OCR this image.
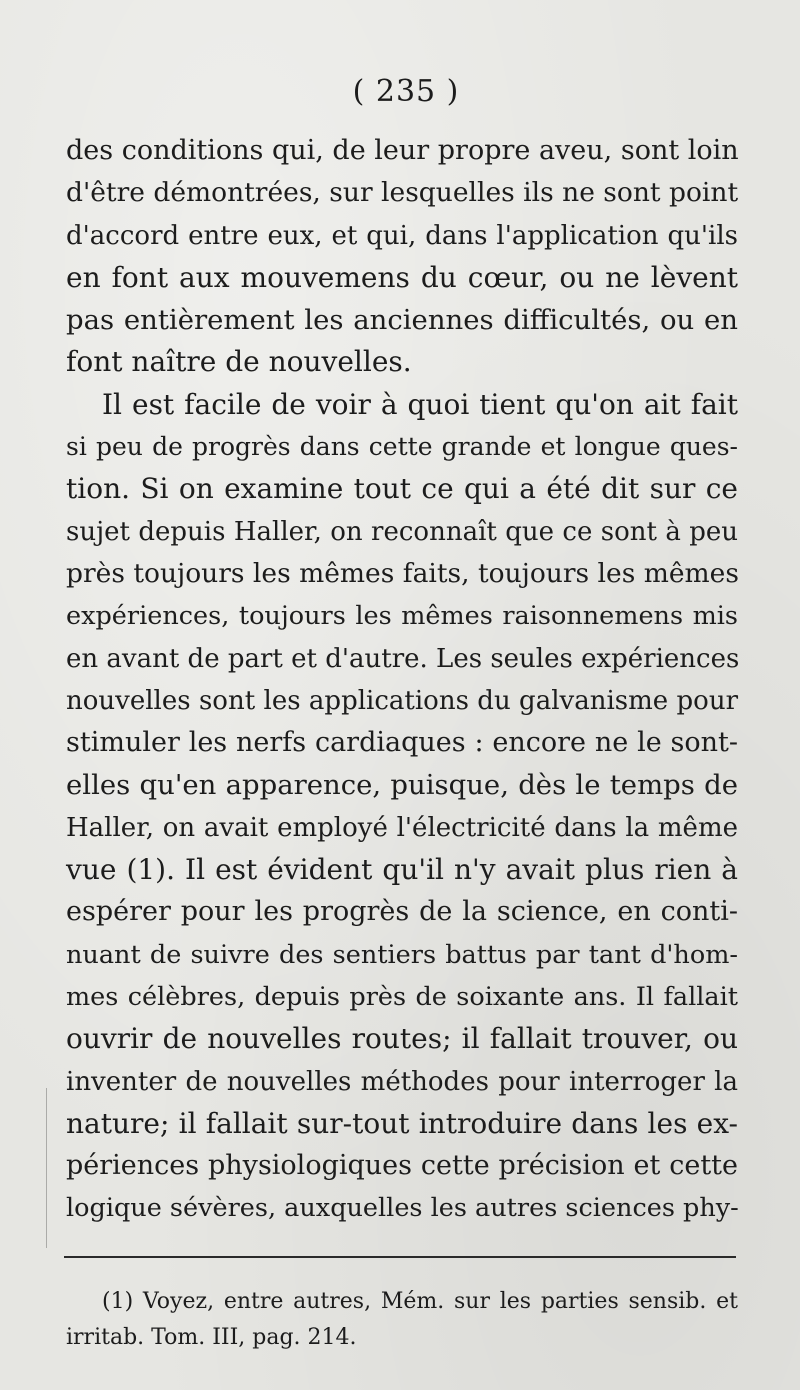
( 235 )
des conditions qui, de leur propre aveu, sont loin
d'être démontrées, sur lesquelles ils ne sont point
d'accord entre eux, et qui, dans l'application qu'ils
en font aux mouvemens du cœur, ou ne lèvent
pas entièrement les anciennes difficultés, ou en
font naître de nouvelles.
Il est facile de voir à quoi tient qu'on ait fait
si peu de progrès dans cette grande et longue ques-
tion. Si on examine tout ce qui a été dit sur ce
sujet depuis Haller, on reconnaît que ce sont à peu
près toujours les mêmes faits, toujours les mêmes
expériences, toujours les mêmes raisonnemens mis
en avant de part et d'autre. Les seules expériences
nouvelles sont les applications du galvanisme pour
stimuler les nerfs cardiaques : encore ne le sont-
elles qu'en apparence, puisque, dès le temps de
Haller, on avait employé l'électricité dans la même
vue (1). Il est évident qu'il n'y avait plus rien à
espérer pour les progrès de la science, en conti-
nuant de suivre des sentiers battus par tant d'hom-
mes célèbres, depuis près de soixante ans. Il fallait
ouvrir de nouvelles routes; il fallait trouver, ou
inventer de nouvelles méthodes pour interroger la
nature; il fallait sur-tout introduire dans les ex-
périences physiologiques cette précision et cette
logique sévères, auxquelles les autres sciences phy-
(1) Voyez, entre autres, Mém. sur les parties sensib. et
irritab. Tom. III, pag. 214.
